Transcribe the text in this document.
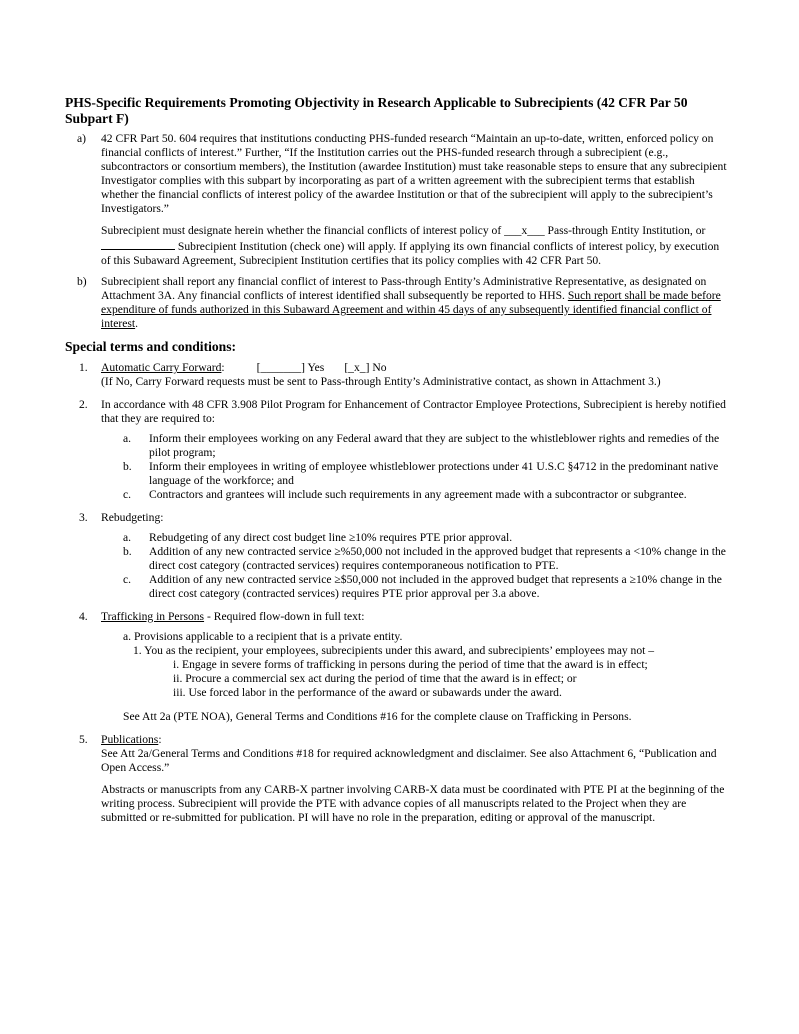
PHS-Specific Requirements Promoting Objectivity in Research Applicable to Subrecipients (42 CFR Par 50 Subpart F)
a) 42 CFR Part 50. 604 requires that institutions conducting PHS-funded research “Maintain an up-to-date, written, enforced policy on financial conflicts of interest.” Further, “If the Institution carries out the PHS-funded research through a subrecipient (e.g., subcontractors or consortium members), the Institution (awardee Institution) must take reasonable steps to ensure that any subrecipient Investigator complies with this subpart by incorporating as part of a written agreement with the subrecipient terms that establish whether the financial conflicts of interest policy of the awardee Institution or that of the subrecipient will apply to the subrecipient’s Investigators.”

Subrecipient must designate herein whether the financial conflicts of interest policy of ___x___ Pass-through Entity Institution, or  Subrecipient Institution (check one) will apply. If applying its own financial conflicts of interest policy, by execution of this Subaward Agreement, Subrecipient Institution certifies that its policy complies with 42 CFR Part 50.

b) Subrecipient shall report any financial conflict of interest to Pass-through Entity’s Administrative Representative, as designated on Attachment 3A. Any financial conflicts of interest identified shall subsequently be reported to HHS. Such report shall be made before expenditure of funds authorized in this Subaward Agreement and within 45 days of any subsequently identified financial conflict of interest.

Special terms and conditions:
1. Automatic Carry Forward:	[_______] Yes [_x_] No

(If No, Carry Forward requests must be sent to Pass-through Entity’s Administrative contact, as shown in Attachment 3.)

2. In accordance with 48 CFR 3.908 Pilot Program for Enhancement of Contractor Employee Protections, Subrecipient is hereby notified that they are required to:

a. Inform their employees working on any Federal award that they are subject to the whistleblower rights and remedies of the pilot program;
b. Inform their employees in writing of employee whistleblower protections under 41 U.S.C §4712 in the predominant native language of the workforce; and
c. Contractors and grantees will include such requirements in any agreement made with a subcontractor or subgrantee.
3. Rebudgeting:

a. Rebudgeting of any direct cost budget line ≥10% requires PTE prior approval.
b. Addition of any new contracted service ≥%50,000 not included in the approved budget that represents a <10% change in the direct cost category (contracted services) requires contemporaneous notification to PTE.
c. Addition of any new contracted service ≥$50,000 not included in the approved budget that represents a ≥10% change in the direct cost category (contracted services) requires PTE prior approval per 3.a above.
4. Trafficking in Persons - Required flow-down in full text:

a. Provisions applicable to a recipient that is a private entity.
1. You as the recipient, your employees, subrecipients under this award, and subrecipients’ employees may not –
i. Engage in severe forms of trafficking in persons during the period of time that the award is in effect;
ii. Procure a commercial sex act during the period of time that the award is in effect; or
iii. Use forced labor in the performance of the award or subawards under the award.

See Att 2a (PTE NOA), General Terms and Conditions #16 for the complete clause on Trafficking in Persons.

5. Publications:

See Att 2a/General Terms and Conditions #18 for required acknowledgment and disclaimer. See also Attachment 6, “Publication and Open Access.”

Abstracts or manuscripts from any CARB-X partner involving CARB-X data must be coordinated with PTE PI at the beginning of the writing process. Subrecipient will provide the PTE with advance copies of all manuscripts related to the Project when they are submitted or re-submitted for publication. PI will have no role in the preparation, editing or approval of the manuscript.
